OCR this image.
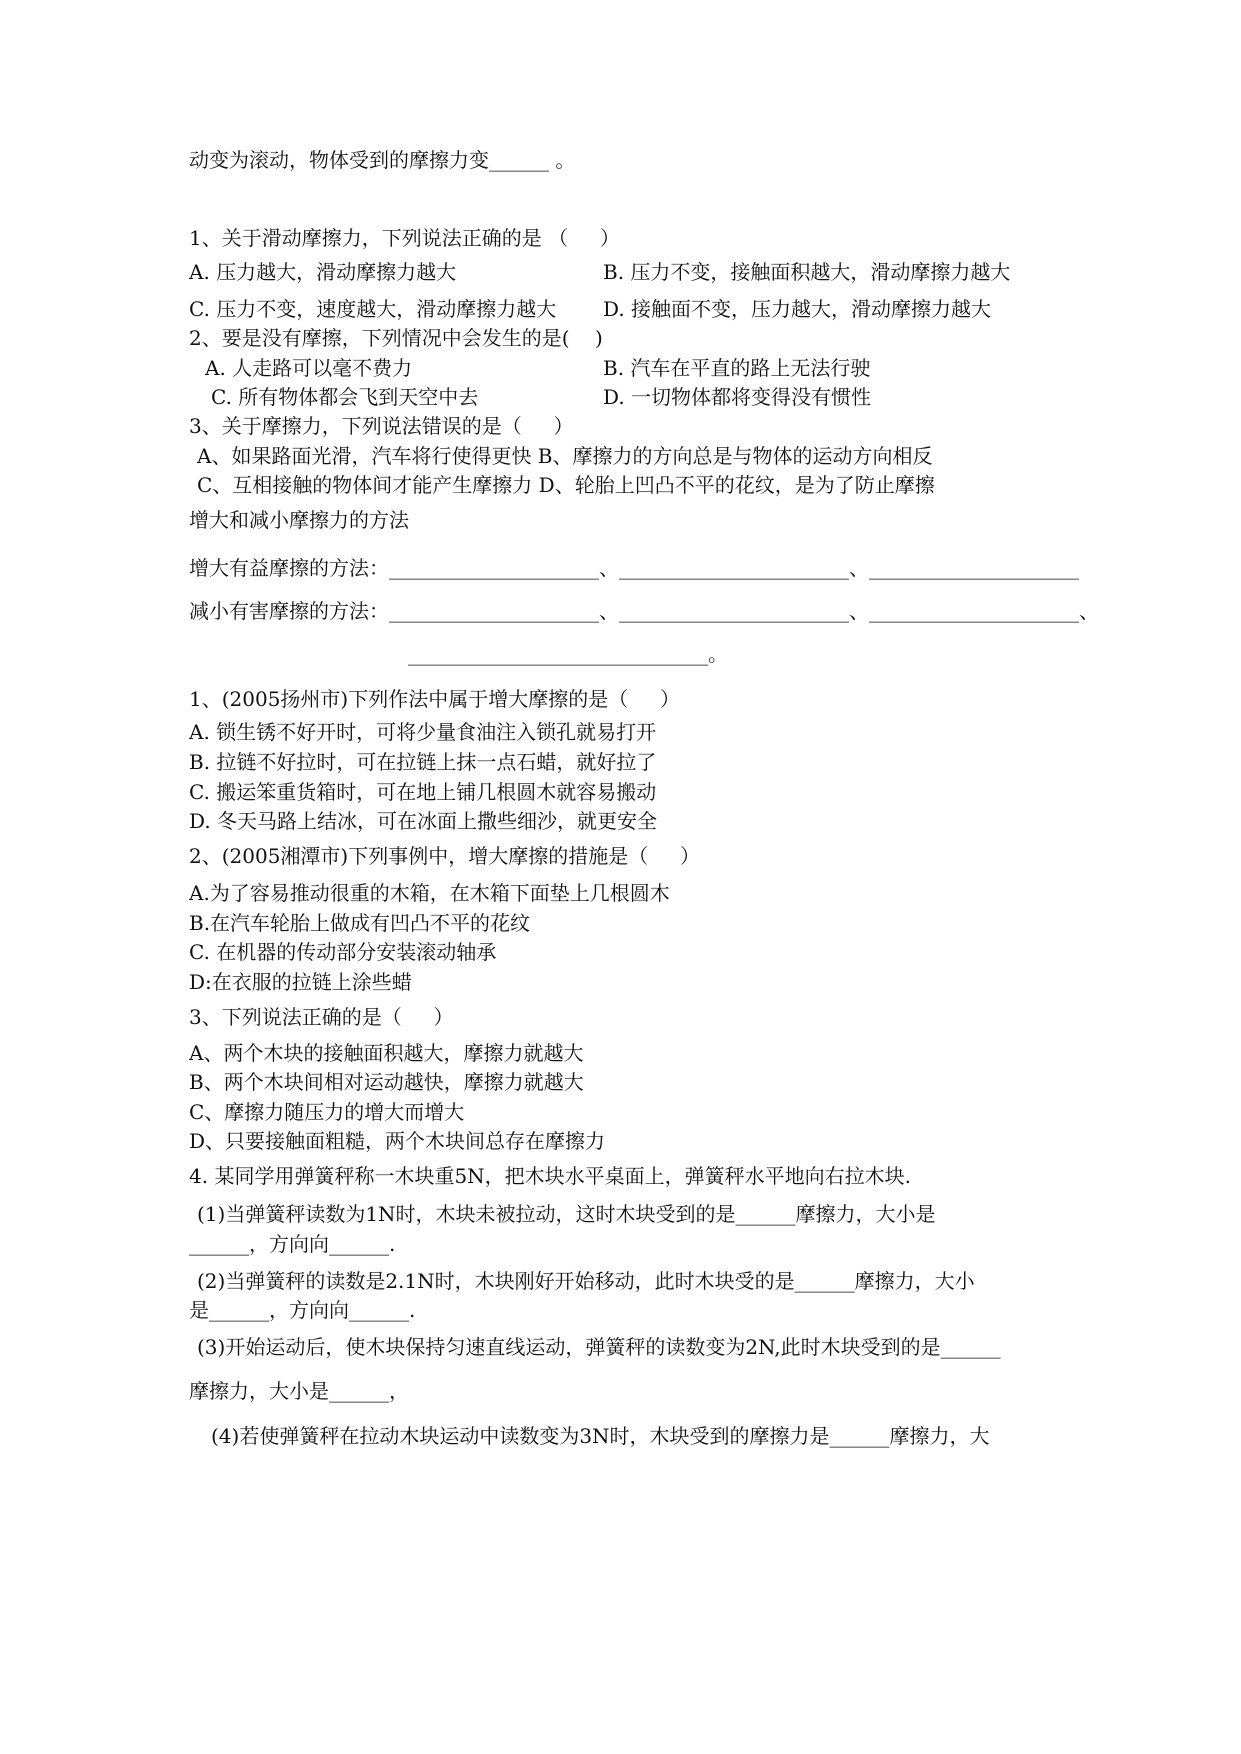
动变为滚动，物体受到的摩擦力变______ 。
1、关于滑动摩擦力，下列说法正确的是 （     ）
A. 压力越大，滑动摩擦力越大	B. 压力不变，接触面积越大，滑动摩擦力越大
C. 压力不变，速度越大，滑动摩擦力越大 D. 接触面不变，压力越大，滑动摩擦力越大
2、要是没有摩擦，下列情况中会发生的是(    )
A. 人走路可以毫不费力	B. 汽车在平直的路上无法行驶
C. 所有物体都会飞到天空中去	D. 一切物体都将变得没有惯性
3、关于摩擦力，下列说法错误的是（     ）
A、如果路面光滑，汽车将行使得更快 B、摩擦力的方向总是与物体的运动方向相反
C、互相接触的物体间才能产生摩擦力 D、轮胎上凹凸不平的花纹，是为了防止摩擦
增大和减小摩擦力的方法
增大有益摩擦的方法：_____________________、_______________________、_____________________
减小有害摩擦的方法：_____________________、_______________________、_____________________、
______________________________。
1、(2005扬州市)下列作法中属于增大摩擦的是（     ）
A. 锁生锈不好开时，可将少量食油注入锁孔就易打开
B. 拉链不好拉时，可在拉链上抹一点石蜡，就好拉了
C. 搬运笨重货箱时，可在地上铺几根圆木就容易搬动
D. 冬天马路上结冰，可在冰面上撒些细沙，就更安全
2、(2005湘潭市)下列事例中，增大摩擦的措施是（     ）
A.为了容易推动很重的木箱，在木箱下面垫上几根圆木
B.在汽车轮胎上做成有凹凸不平的花纹
C. 在机器的传动部分安装滚动轴承
D:在衣服的拉链上涂些蜡
3、下列说法正确的是（     ）
A、两个木块的接触面积越大，摩擦力就越大
B、两个木块间相对运动越快，摩擦力就越大
C、摩擦力随压力的增大而增大
D、只要接触面粗糙，两个木块间总存在摩擦力
4. 某同学用弹簧秤称一木块重5N，把木块水平桌面上，弹簧秤水平地向右拉木块.
(1)当弹簧秤读数为1N时，木块未被拉动，这时木块受到的是______摩擦力，大小是
______，方向向______.
(2)当弹簧秤的读数是2.1N时，木块刚好开始移动，此时木块受的是______摩擦力，大小
是______，方向向______.
(3)开始运动后，使木块保持匀速直线运动，弹簧秤的读数变为2N,此时木块受到的是______
摩擦力，大小是______，
(4)若使弹簧秤在拉动木块运动中读数变为3N时，木块受到的摩擦力是______摩擦力，大
